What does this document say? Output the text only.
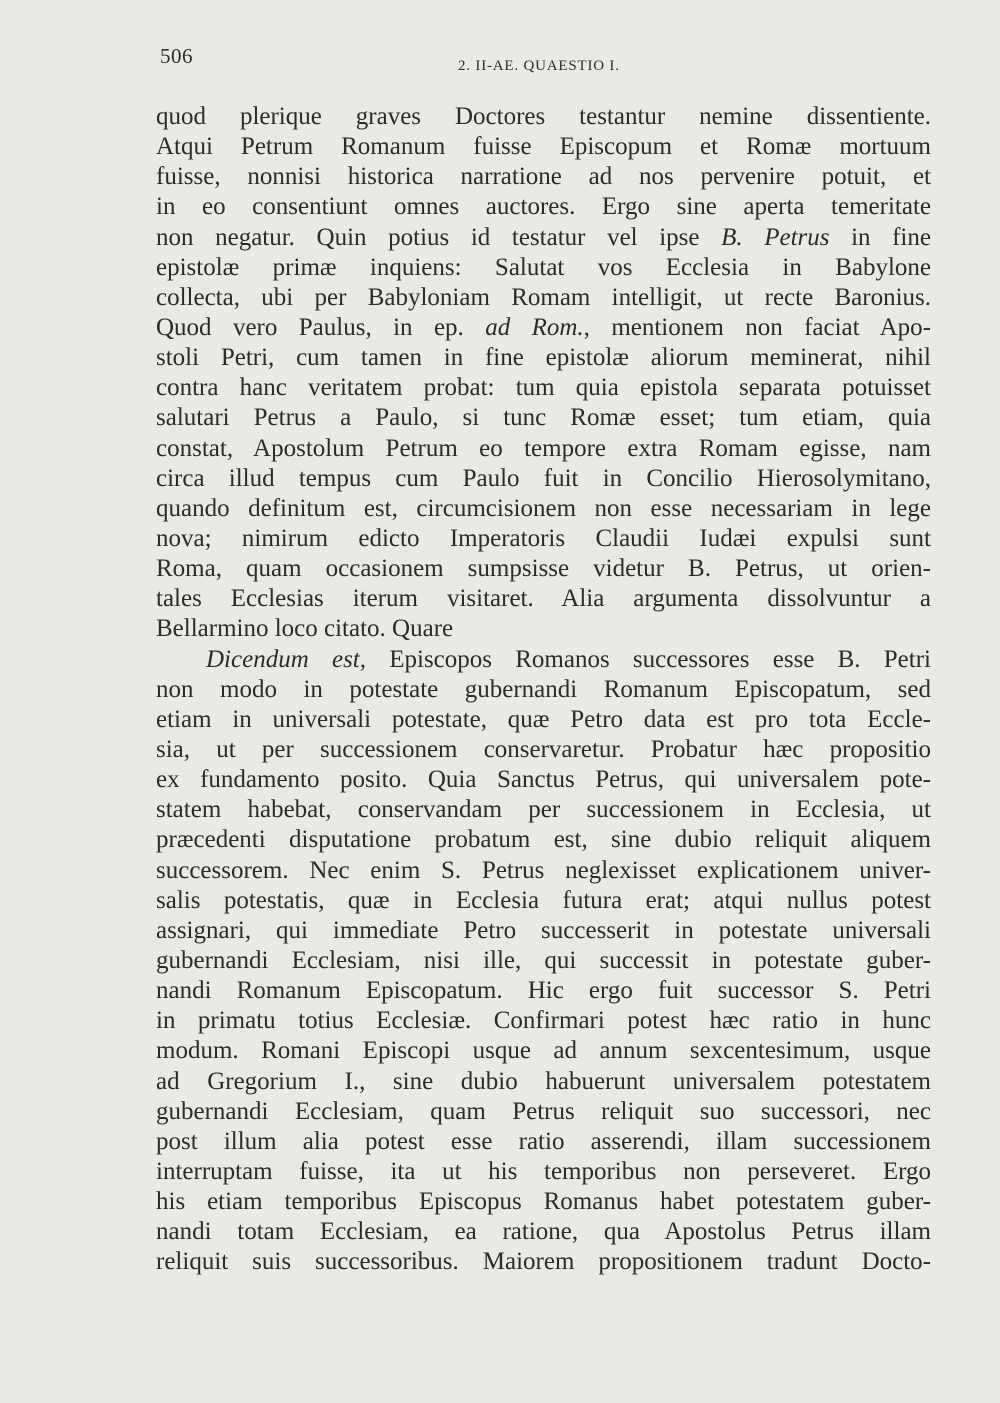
506	2. II-AE. QUAESTIO I.
quod plerique graves Doctores testantur nemine dissentiente.
Atqui Petrum Romanum fuisse Episcopum et Romæ mortuum
fuisse, nonnisi historica narratione ad nos pervenire potuit, et
in eo consentiunt omnes auctores. Ergo sine aperta temeritate
non negatur. Quin potius id testatur vel ipse B. Petrus in fine
epistolæ primæ inquiens: Salutat vos Ecclesia in Babylone
collecta, ubi per Babyloniam Romam intelligit, ut recte Baronius.
Quod vero Paulus, in ep. ad Rom., mentionem non faciat Apo-
stoli Petri, cum tamen in fine epistolæ aliorum meminerat, nihil
contra hanc veritatem probat: tum quia epistola separata potuisset
salutari Petrus a Paulo, si tunc Romæ esset; tum etiam, quia
constat, Apostolum Petrum eo tempore extra Romam egisse, nam
circa illud tempus cum Paulo fuit in Concilio Hierosolymitano,
quando definitum est, circumcisionem non esse necessariam in lege
nova; nimirum edicto Imperatoris Claudii Iudæi expulsi sunt
Roma, quam occasionem sumpsisse videtur B. Petrus, ut orien-
tales Ecclesias iterum visitaret. Alia argumenta dissolvuntur a
Bellarmino loco citato. Quare
Dicendum est, Episcopos Romanos successores esse B. Petri
non modo in potestate gubernandi Romanum Episcopatum, sed
etiam in universali potestate, quæ Petro data est pro tota Eccle-
sia, ut per successionem conservaretur. Probatur hæc propositio
ex fundamento posito. Quia Sanctus Petrus, qui universalem pote-
statem habebat, conservandam per successionem in Ecclesia, ut
præcedenti disputatione probatum est, sine dubio reliquit aliquem
successorem. Nec enim S. Petrus neglexisset explicationem univer-
salis potestatis, quæ in Ecclesia futura erat; atqui nullus potest
assignari, qui immediate Petro successerit in potestate universali
gubernandi Ecclesiam, nisi ille, qui successit in potestate guber-
nandi Romanum Episcopatum. Hic ergo fuit successor S. Petri
in primatu totius Ecclesiæ. Confirmari potest hæc ratio in hunc
modum. Romani Episcopi usque ad annum sexcentesimum, usque
ad Gregorium I., sine dubio habuerunt universalem potestatem
gubernandi Ecclesiam, quam Petrus reliquit suo successori, nec
post illum alia potest esse ratio asserendi, illam successionem
interruptam fuisse, ita ut his temporibus non perseveret. Ergo
his etiam temporibus Episcopus Romanus habet potestatem guber-
nandi totam Ecclesiam, ea ratione, qua Apostolus Petrus illam
reliquit suis successoribus. Maiorem propositionem tradunt Docto-
